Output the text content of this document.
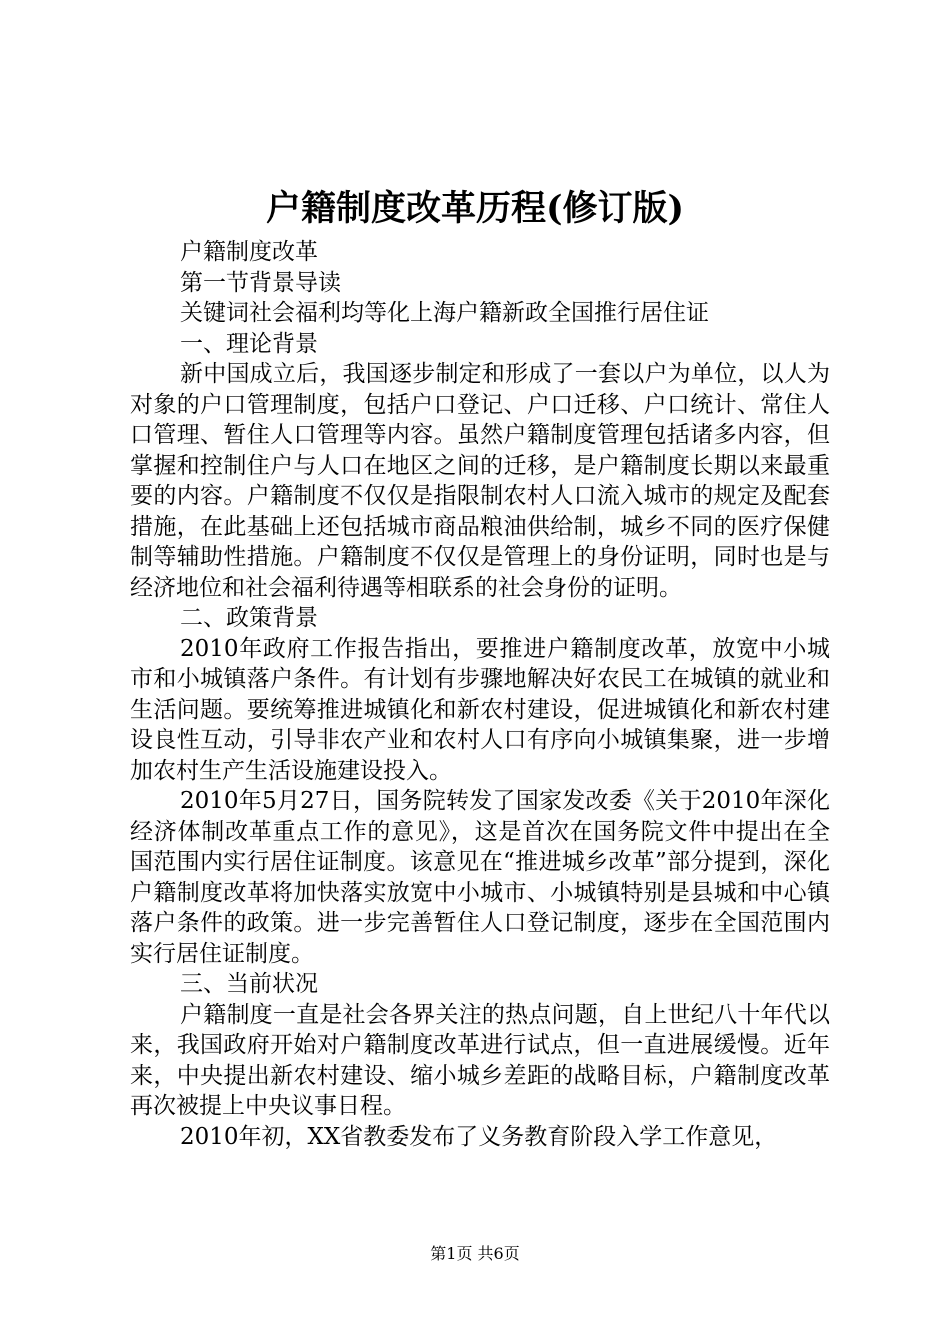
户籍制度改革历程(修订版)

户籍制度改革

第一节背景导读

关键词社会福利均等化上海户籍新政全国推行居住证

一、理论背景

新中国成立后，我国逐步制定和形成了一套以户为单位，以人为对象的户口管理制度，包括户口登记、户口迁移、户口统计、常住人口管理、暂住人口管理等内容。虽然户籍制度管理包括诸多内容，但掌握和控制住户与人口在地区之间的迁移，是户籍制度长期以来最重要的内容。户籍制度不仅仅是指限制农村人口流入城市的规定及配套措施，在此基础上还包括城市商品粮油供给制，城乡不同的医疗保健制等辅助性措施。户籍制度不仅仅是管理上的身份证明，同时也是与经济地位和社会福利待遇等相联系的社会身份的证明。

二、政策背景

2010年政府工作报告指出，要推进户籍制度改革，放宽中小城市和小城镇落户条件。有计划有步骤地解决好农民工在城镇的就业和生活问题。要统筹推进城镇化和新农村建设，促进城镇化和新农村建设良性互动，引导非农产业和农村人口有序向小城镇集聚，进一步增加农村生产生活设施建设投入。

2010年5月27日，国务院转发了国家发改委《关于2010年深化经济体制改革重点工作的意见》，这是首次在国务院文件中提出在全国范围内实行居住证制度。该意见在“推进城乡改革”部分提到，深化户籍制度改革将加快落实放宽中小城市、小城镇特别是县城和中心镇落户条件的政策。进一步完善暂住人口登记制度，逐步在全国范围内实行居住证制度。

三、当前状况

户籍制度一直是社会各界关注的热点问题，自上世纪八十年代以来，我国政府开始对户籍制度改革进行试点，但一直进展缓慢。近年来，中央提出新农村建设、缩小城乡差距的战略目标，户籍制度改革再次被提上中央议事日程。

2010年初，XX省教委发布了义务教育阶段入学工作意见，

第1页 共6页
